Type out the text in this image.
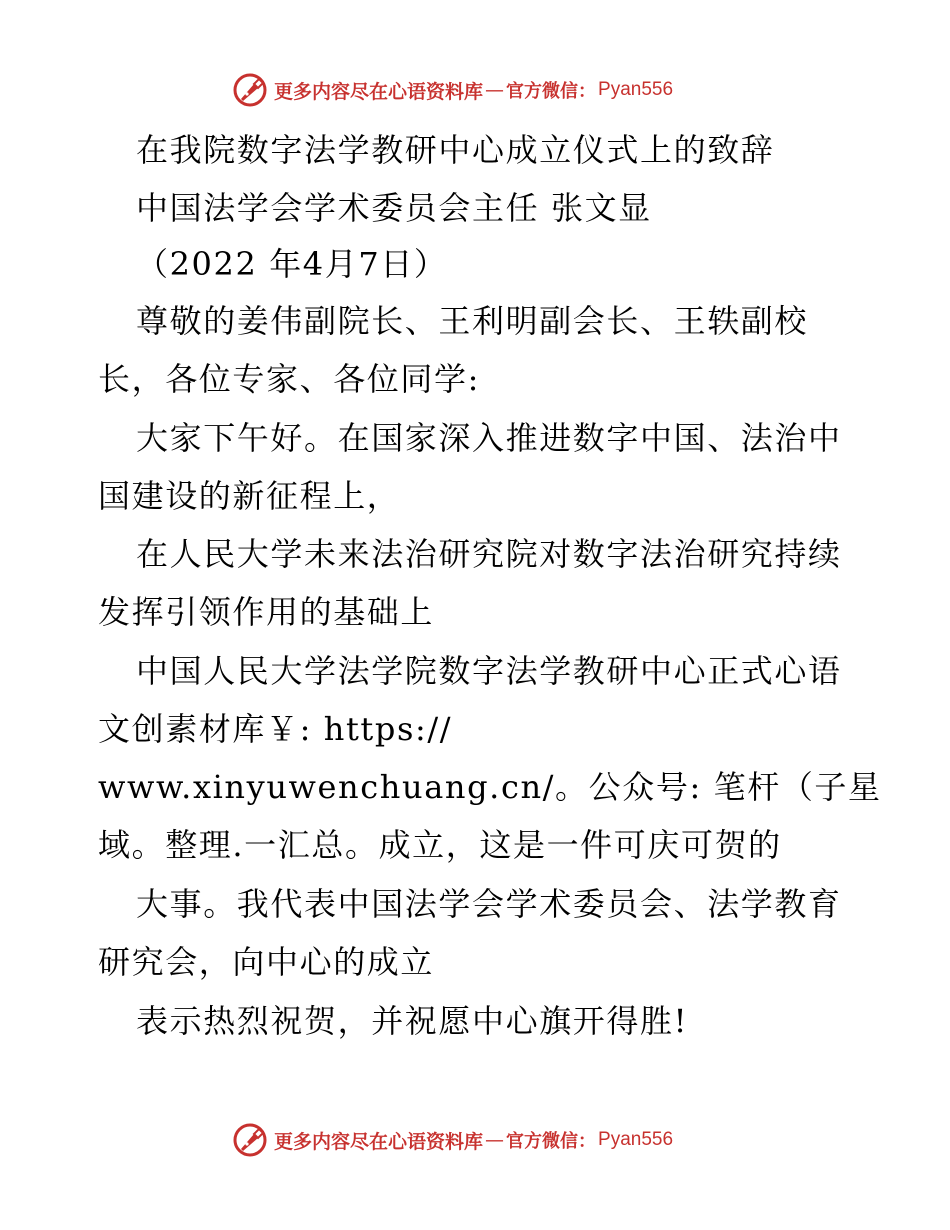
更多内容尽在心语资料库 — 官方微信： Pyan556
在我院数字法学教研中心成立仪式上的致辞
中国法学会学术委员会主任 张文显
（2022 年4月7日）
尊敬的姜伟副院长、王利明副会长、王轶副校
长，各位专家、各位同学:
大家下午好。在国家深入推进数字中国、法治中
国建设的新征程上，
在人民大学未来法治研究院对数字法治研究持续
发挥引领作用的基础上
中国人民大学法学院数字法学教研中心正式心语
文创素材库￥: https://
www.xinyuwenchuang.cn/。公众号: 笔杆（子星
域。整理.一汇总。成立，这是一件可庆可贺的
大事。我代表中国法学会学术委员会、法学教育
研究会，向中心的成立
表示热烈祝贺，并祝愿中心旗开得胜!
更多内容尽在心语资料库 — 官方微信： Pyan556
